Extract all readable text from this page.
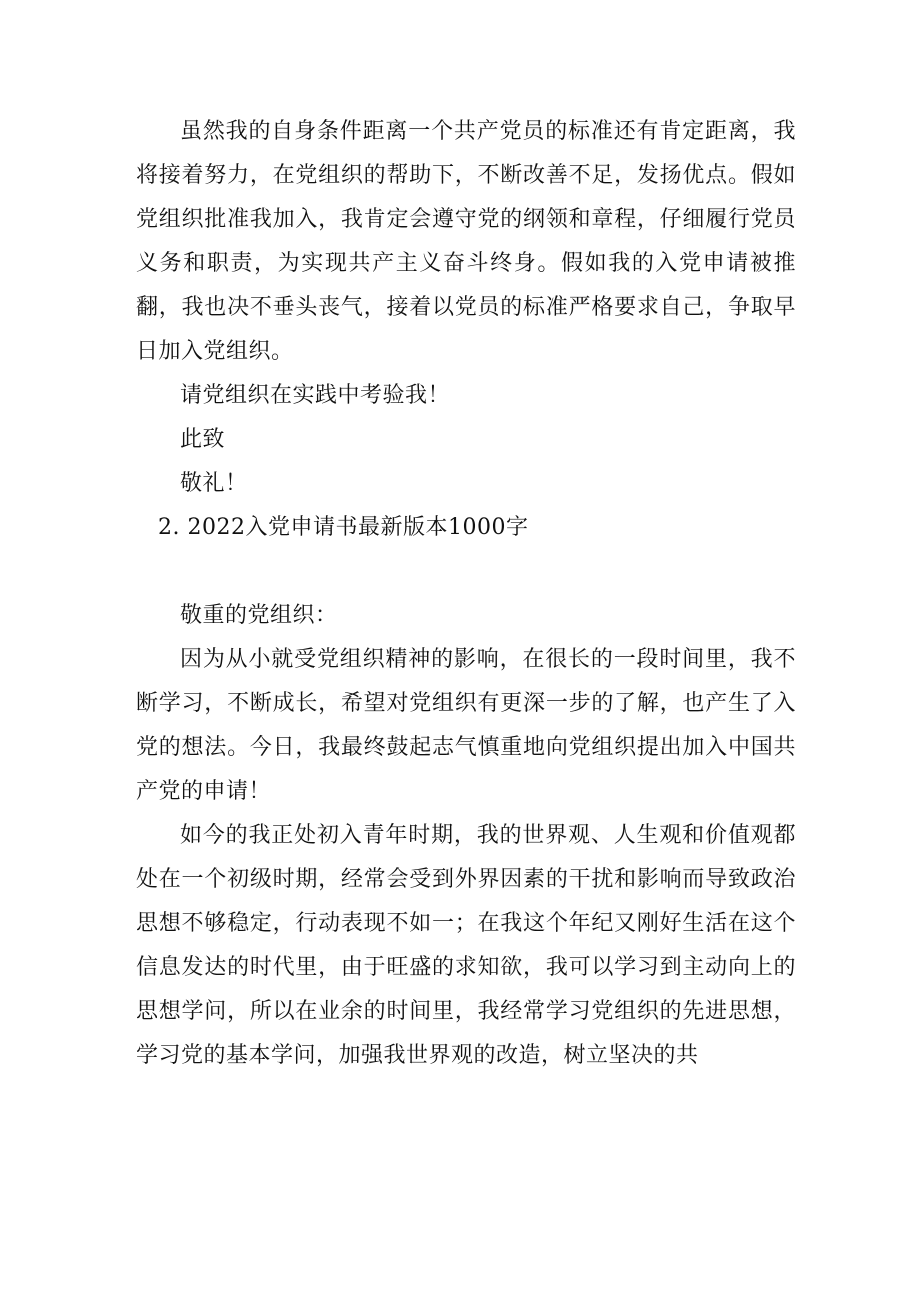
虽然我的自身条件距离一个共产党员的标准还有肯定距离，我将接着努力，在党组织的帮助下，不断改善不足，发扬优点。假如党组织批准我加入，我肯定会遵守党的纲领和章程，仔细履行党员义务和职责，为实现共产主义奋斗终身。假如我的入党申请被推翻，我也决不垂头丧气，接着以党员的标准严格要求自己，争取早日加入党组织。

请党组织在实践中考验我！

此致

敬礼！

2. 2022入党申请书最新版本1000字

敬重的党组织：

因为从小就受党组织精神的影响，在很长的一段时间里，我不断学习，不断成长，希望对党组织有更深一步的了解，也产生了入党的想法。今日，我最终鼓起志气慎重地向党组织提出加入中国共产党的申请！

如今的我正处初入青年时期，我的世界观、人生观和价值观都处在一个初级时期，经常会受到外界因素的干扰和影响而导致政治思想不够稳定，行动表现不如一；在我这个年纪又刚好生活在这个信息发达的时代里，由于旺盛的求知欲，我可以学习到主动向上的思想学问，所以在业余的时间里，我经常学习党组织的先进思想，学习党的基本学问，加强我世界观的改造，树立坚决的共
